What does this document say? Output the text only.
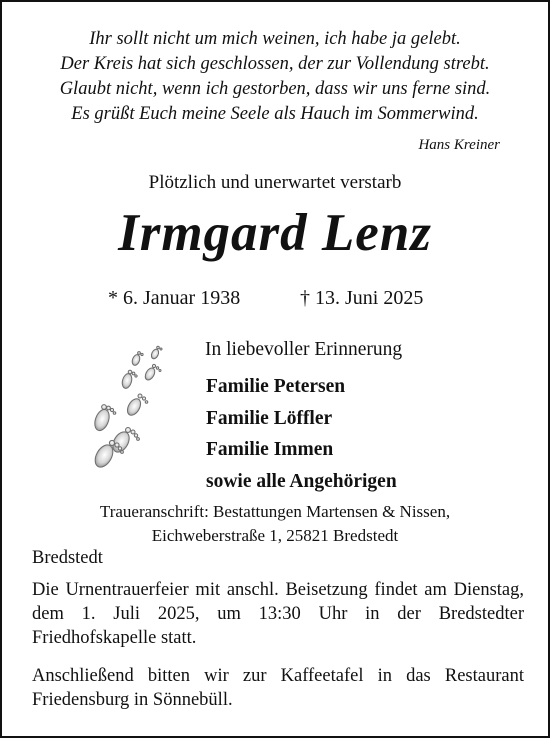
Ihr sollt nicht um mich weinen, ich habe ja gelebt.
Der Kreis hat sich geschlossen, der zur Vollendung strebt.
Glaubt nicht, wenn ich gestorben, dass wir uns ferne sind.
Es grüßt Euch meine Seele als Hauch im Sommerwind.
Hans Kreiner
Plötzlich und unerwartet verstarb
Irmgard Lenz
* 6. Januar 1938	† 13. Juni 2025
In liebevoller Erinnerung
Familie Petersen
Familie Löffler
Familie Immen
sowie alle Angehörigen
Traueranschrift: Bestattungen Martensen & Nissen,
Eichweberstraße 1, 25821 Bredstedt
Bredstedt
Die Urnentrauerfeier mit anschl. Beisetzung findet am Dienstag, dem 1. Juli 2025, um 13:30 Uhr in der Bredstedter Friedhofskapelle statt.
Anschließend bitten wir zur Kaffeetafel in das Restaurant Friedensburg in Sönnebüll.
